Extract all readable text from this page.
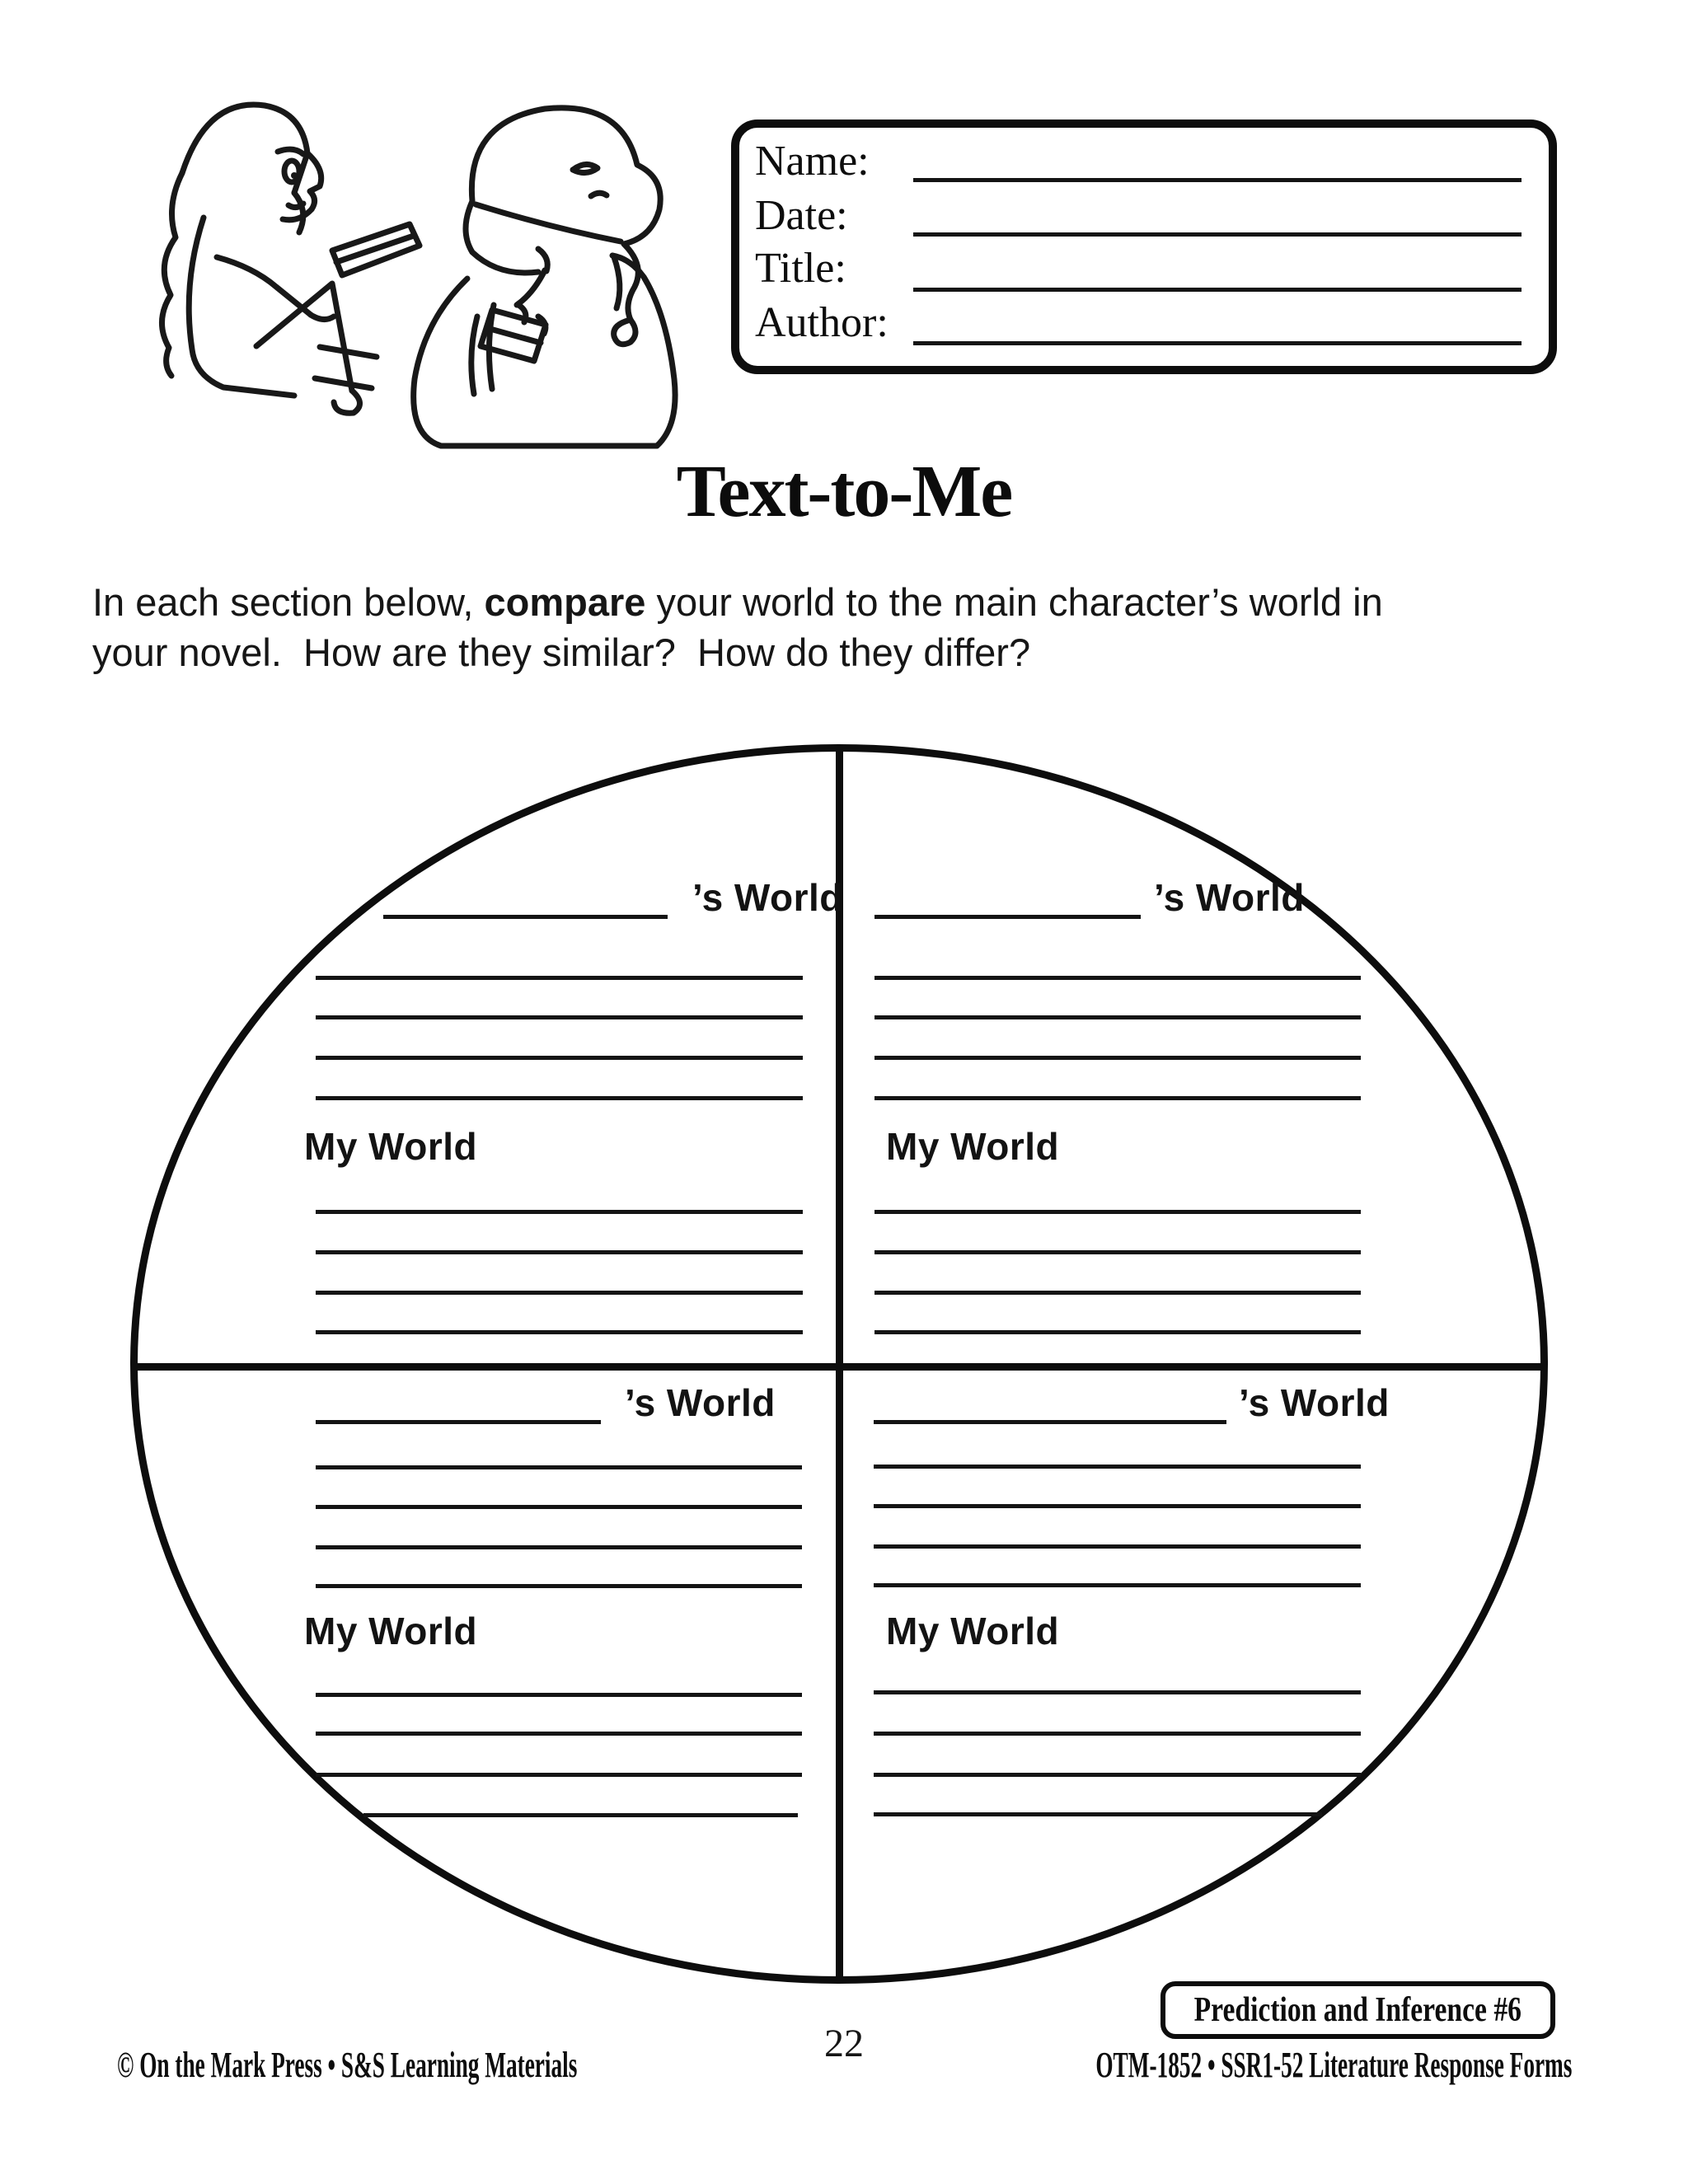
Name:
Date:
Title:
Author:
Text-to-Me
In each section below, compare your world to the main character’s world in
your novel.  How are they similar?  How do they differ?
’s World
My World
’s World
My World
’s World
My World
’s World
My World
Prediction and Inference #6
© On the Mark Press • S&S Learning Materials	22	OTM-1852 • SSR1-52 Literature Response Forms
